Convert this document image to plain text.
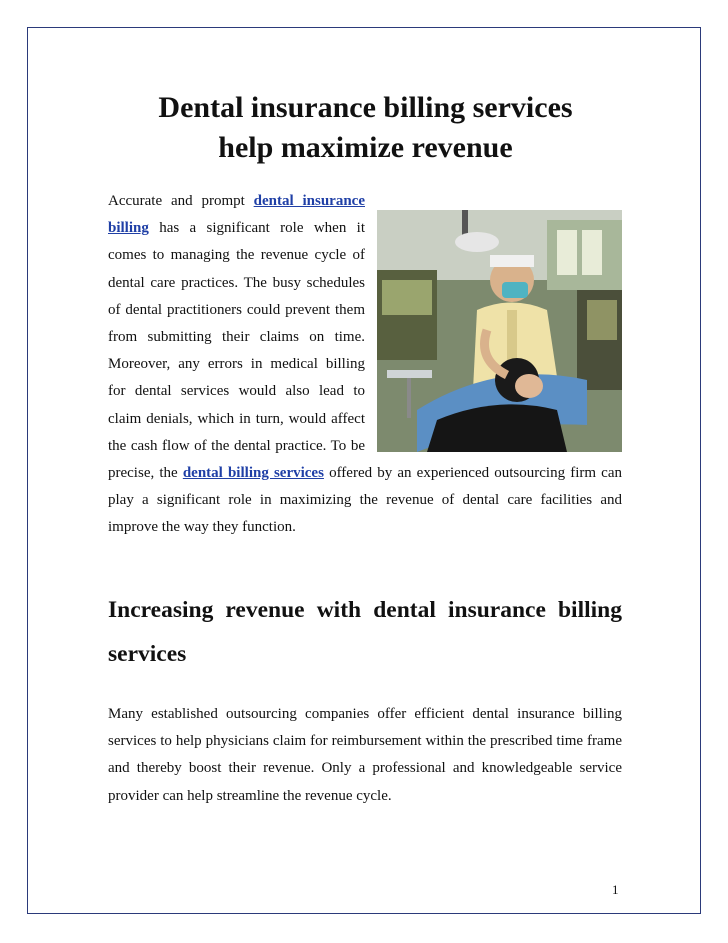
Dental insurance billing services
help maximize revenue

Accurate and prompt dental insurance billing has a significant role when it comes to managing the revenue cycle of dental care practices. The busy schedules of dental practitioners could prevent them from submitting their claims on time. Moreover, any errors in medical billing for dental services would also lead to claim denials, which in turn, would affect the cash flow of the dental practice. To be precise, the dental billing services offered by an experienced outsourcing firm can play a significant role in maximizing the revenue of dental care facilities and improve the way they function.

Increasing revenue with dental insurance billing services

Many established outsourcing companies offer efficient dental insurance billing services to help physicians claim for reimbursement within the prescribed time frame and thereby boost their revenue. Only a professional and knowledgeable service provider can help streamline the revenue cycle.

1
